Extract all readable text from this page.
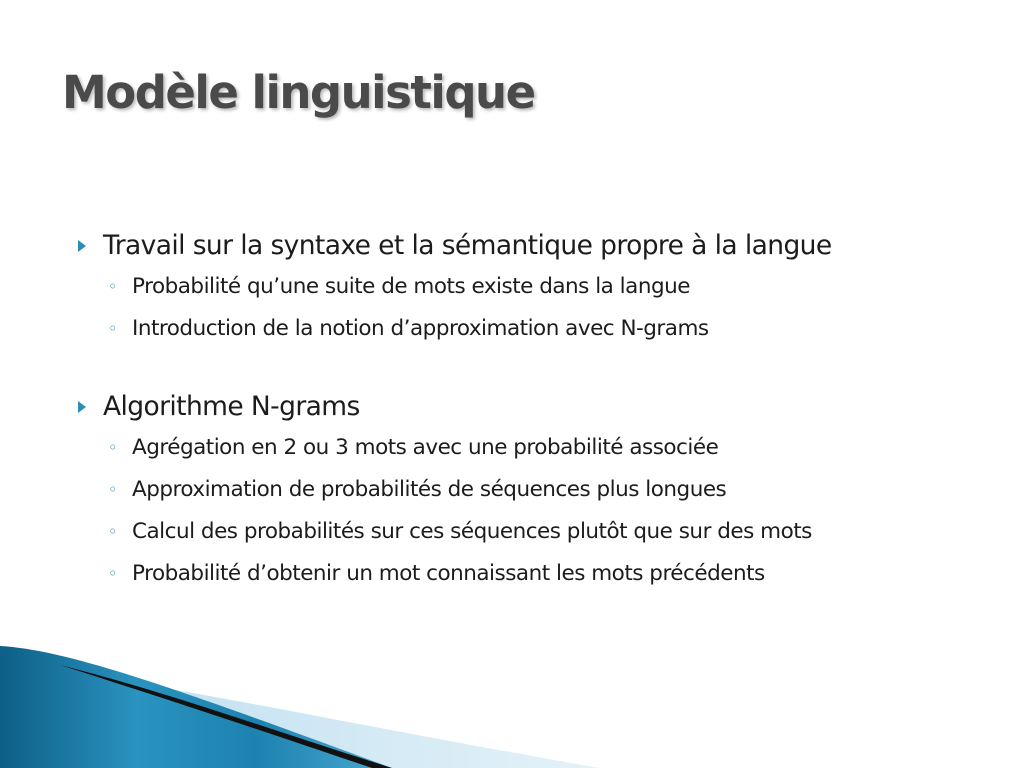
Modèle linguistique
Travail sur la syntaxe et la sémantique propre à la langue
◦ Probabilité qu’une suite de mots existe dans la langue
◦ Introduction de la notion d’approximation avec N-grams
Algorithme N-grams
◦ Agrégation en 2 ou 3 mots avec une probabilité associée
◦ Approximation de probabilités de séquences plus longues
◦ Calcul des probabilités sur ces séquences plutôt que sur des mots
◦ Probabilité d’obtenir un mot connaissant les mots précédents
